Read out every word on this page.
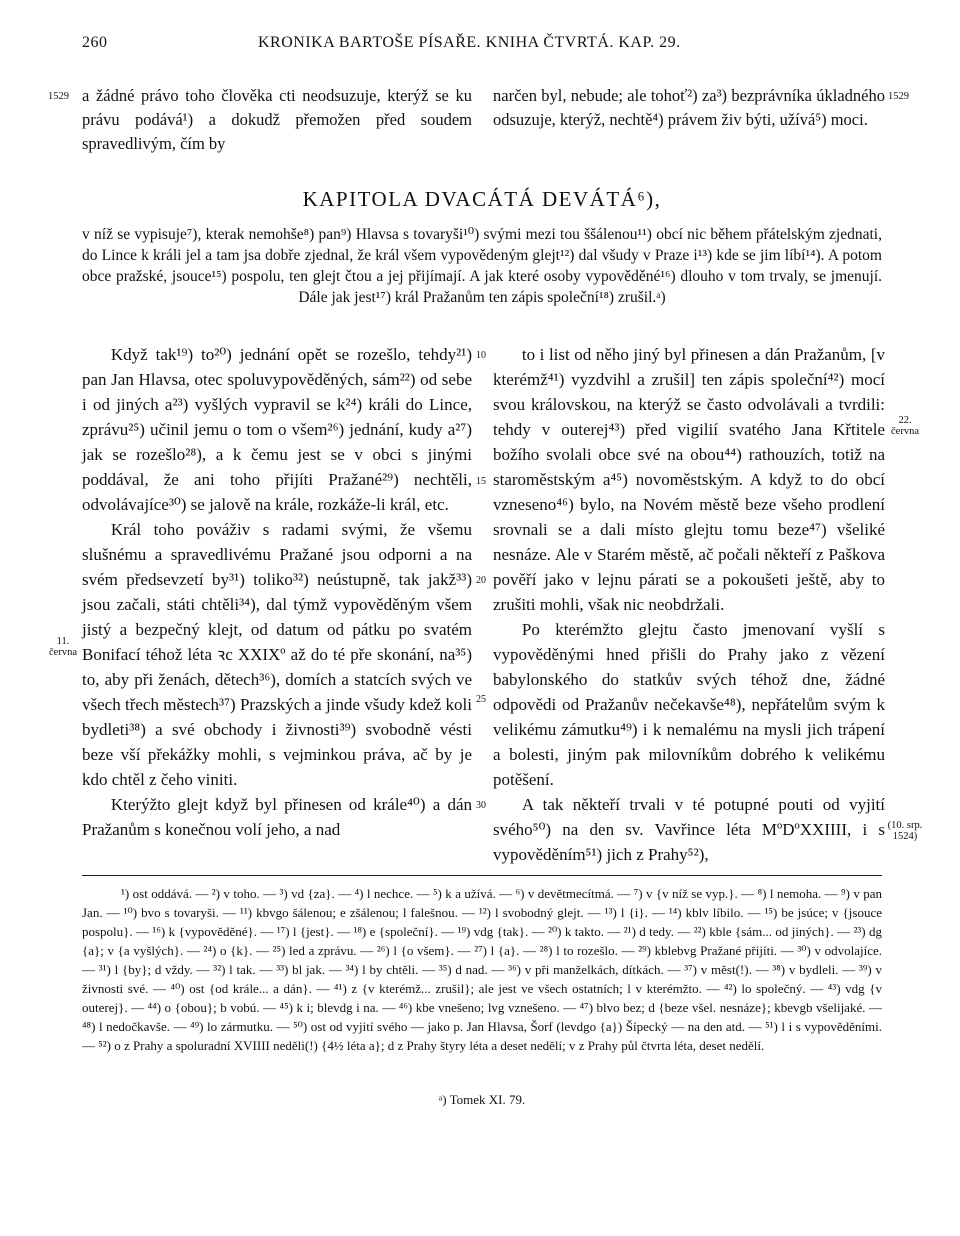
260	KRONIKA BARTOŠE PÍSAŘE. KNIHA ČTVRTÁ. KAP. 29.
1529	1529

a žádné právo toho člověka cti neodsuzuje, kterýž se ku právu podává¹) a dokudž přemožen před soudem spravedlivým, čím by

narčen byl, nebude; ale tohoť²) za³) bezprávníka úkladného odsuzuje, kterýž, nechtě⁴) právem živ býti, užívá⁵) moci.

KAPITOLA DVACÁTÁ DEVÁTÁ⁶),

v níž se vypisuje⁷), kterak nemohše⁸) pan⁹) Hlavsa s tovaryši¹⁰) svými mezi tou ššálenou¹¹) obcí nic během přátelským zjednati, do Lince k králi jel a tam jsa dobře zjednal, že král všem vypovědeným glejt¹²) dal všudy v Praze i¹³) kde se jim líbí¹⁴). A potom obce pražské, jsouce¹⁵) pospolu, ten glejt čtou a jej přijímají. A jak které osoby vypověděné¹⁶) dlouho v tom trvaly, se jmenují. Dále jak jest¹⁷) král Pražanům ten zápis společní¹⁸) zrušil.ᵃ)

Když tak¹⁹) to²⁰) jednání opět se rozešlo, tehdy²¹) pan Jan Hlavsa, otec spoluvypověděných, sám²²) od sebe i od jiných a²³) vyšlých vypravil se k²⁴) králi do Lince, zprávu²⁵) učinil jemu o tom o všem²⁶) jednání, kudy a²⁷) jak se rozešlo²⁸), a k čemu jest se v obci s jinými poddával, že ani toho přijíti Pražané²⁹) nechtěli, odvolávajíce³⁰) se jalově na krále, rozkáže-li král, etc.

Král toho pováživ s radami svými, že všemu slušnému a spravedlivému Pražané jsou odporni a na svém předsevzetí by³¹) toliko³²) neústupně, tak jakž³³) jsou začali, státi chtěli³⁴), dal týmž vypověděným všem jistý a bezpečný klejt, od datum od pátku po svatém Bonifací téhož léta ꝛc XXIXº až do té pře skonání, na³⁵) to, aby při ženách, dětech³⁶), domích a statcích svých ve všech třech městech³⁷) Prazských a jinde všudy kdež koli bydleti³⁸) a své obchody i živnosti³⁹) svobodně vésti beze vší překážky mohli, s vejminkou práva, ač by je kdo chtěl z čeho viniti.

Kterýžto glejt když byl přinesen od krále⁴⁰) a dán Pražanům s konečnou volí jeho, a nad

to i list od něho jiný byl přinesen a dán Pražanům, [v kterémž⁴¹) vyzdvihl a zrušil] ten zápis společní⁴²) mocí svou královskou, na kterýž se často odvolávali a tvrdili: tehdy v outerej⁴³) před vigilií svatého Jana Křtitele božího svolali obce své na obou⁴⁴) rathouzích, totiž na staroměstským a⁴⁵) novoměstským. A když to do obcí vzneseno⁴⁶) bylo, na Novém městě beze všeho prodlení srovnali se a dali místo glejtu tomu beze⁴⁷) všeliké nesnáze. Ale v Starém městě, ač počali někteří z Paškova pověří jako v lejnu párati se a pokoušeti ještě, aby to zrušiti mohli, však nic neobdržali.

Po kterémžto glejtu často jmenovaní vyšlí s vypověděnými hned přišli do Prahy jako z vězení babylonského do statkův svých téhož dne, žádné odpovědi od Pražanův nečekavše⁴⁸), nepřátelům svým k velikému zámutku⁴⁹) i k nemalému na mysli jich trápení a bolesti, jiným pak milovníkům dobrého k velikému potěšení.

A tak někteří trvali v té potupné pouti od vyjití svého⁵⁰) na den sv. Vavřince léta MºDºXXIIII, i s vypověděním⁵¹) jich z Prahy⁵²),

10
15
20
25
30
11. června
22. června
(10. srp. 1524)

¹) ost oddává. — ²) v toho. — ³) vd {za}. — ⁴) l nechce. — ⁵) k a užívá. — ⁶) v devětmecítmá. — ⁷) v {v níž se vyp.}. — ⁸) l nemoha. — ⁹) v pan Jan. — ¹⁰) bvo s tovaryši. — ¹¹) kbvgo šálenou; e zšálenou; l falešnou. — ¹²) l svobodný glejt. — ¹³) l {i}. — ¹⁴) kblv líbilo. — ¹⁵) be jsúce; v {jsouce pospolu}. — ¹⁶) k {vypověděné}. — ¹⁷) l {jest}. — ¹⁸) e {společní}. — ¹⁹) vdg {tak}. — ²⁰) k takto. — ²¹) d tedy. — ²²) kble {sám... od jiných}. — ²³) dg {a}; v {a vyšlých}. — ²⁴) o {k}. — ²⁵) led a zprávu. — ²⁶) l {o všem}. — ²⁷) l {a}. — ²⁸) l to rozešlo. — ²⁹) kblebvg Pražané přijíti. — ³⁰) v odvolajíce. — ³¹) l {by}; d vždy. — ³²) l tak. — ³³) bl jak. — ³⁴) l by chtěli. — ³⁵) d nad. — ³⁶) v při manželkách, dítkách. — ³⁷) v měst(!). — ³⁸) v bydleli. — ³⁹) v živnosti své. — ⁴⁰) ost {od krále... a dán}. — ⁴¹) z {v kterémž... zrušil}; ale jest ve všech ostatních; l v kterémžto. — ⁴²) lo společný. — ⁴³) vdg {v outerej}. — ⁴⁴) o {obou}; b vobú. — ⁴⁵) k i; blevdg i na. — ⁴⁶) kbe vnešeno; lvg vznešeno. — ⁴⁷) blvo bez; d {beze všel. nesnáze}; kbevgb všelijaké. — ⁴⁸) l nedočkavše. — ⁴⁹) lo zármutku. — ⁵⁰) ost od vyjití svého — jako p. Jan Hlavsa, Šorf (levdgo {a}) Šípecký — na den atd. — ⁵¹) l i s vypověděními. — ⁵²) o z Prahy a spoluradní XVIIII neděli(!) {4½ léta a}; d z Prahy štyry léta a deset nedělí; v z Prahy půl čtvrta léta, deset nedělí.

ᵃ) Tomek XI. 79.
